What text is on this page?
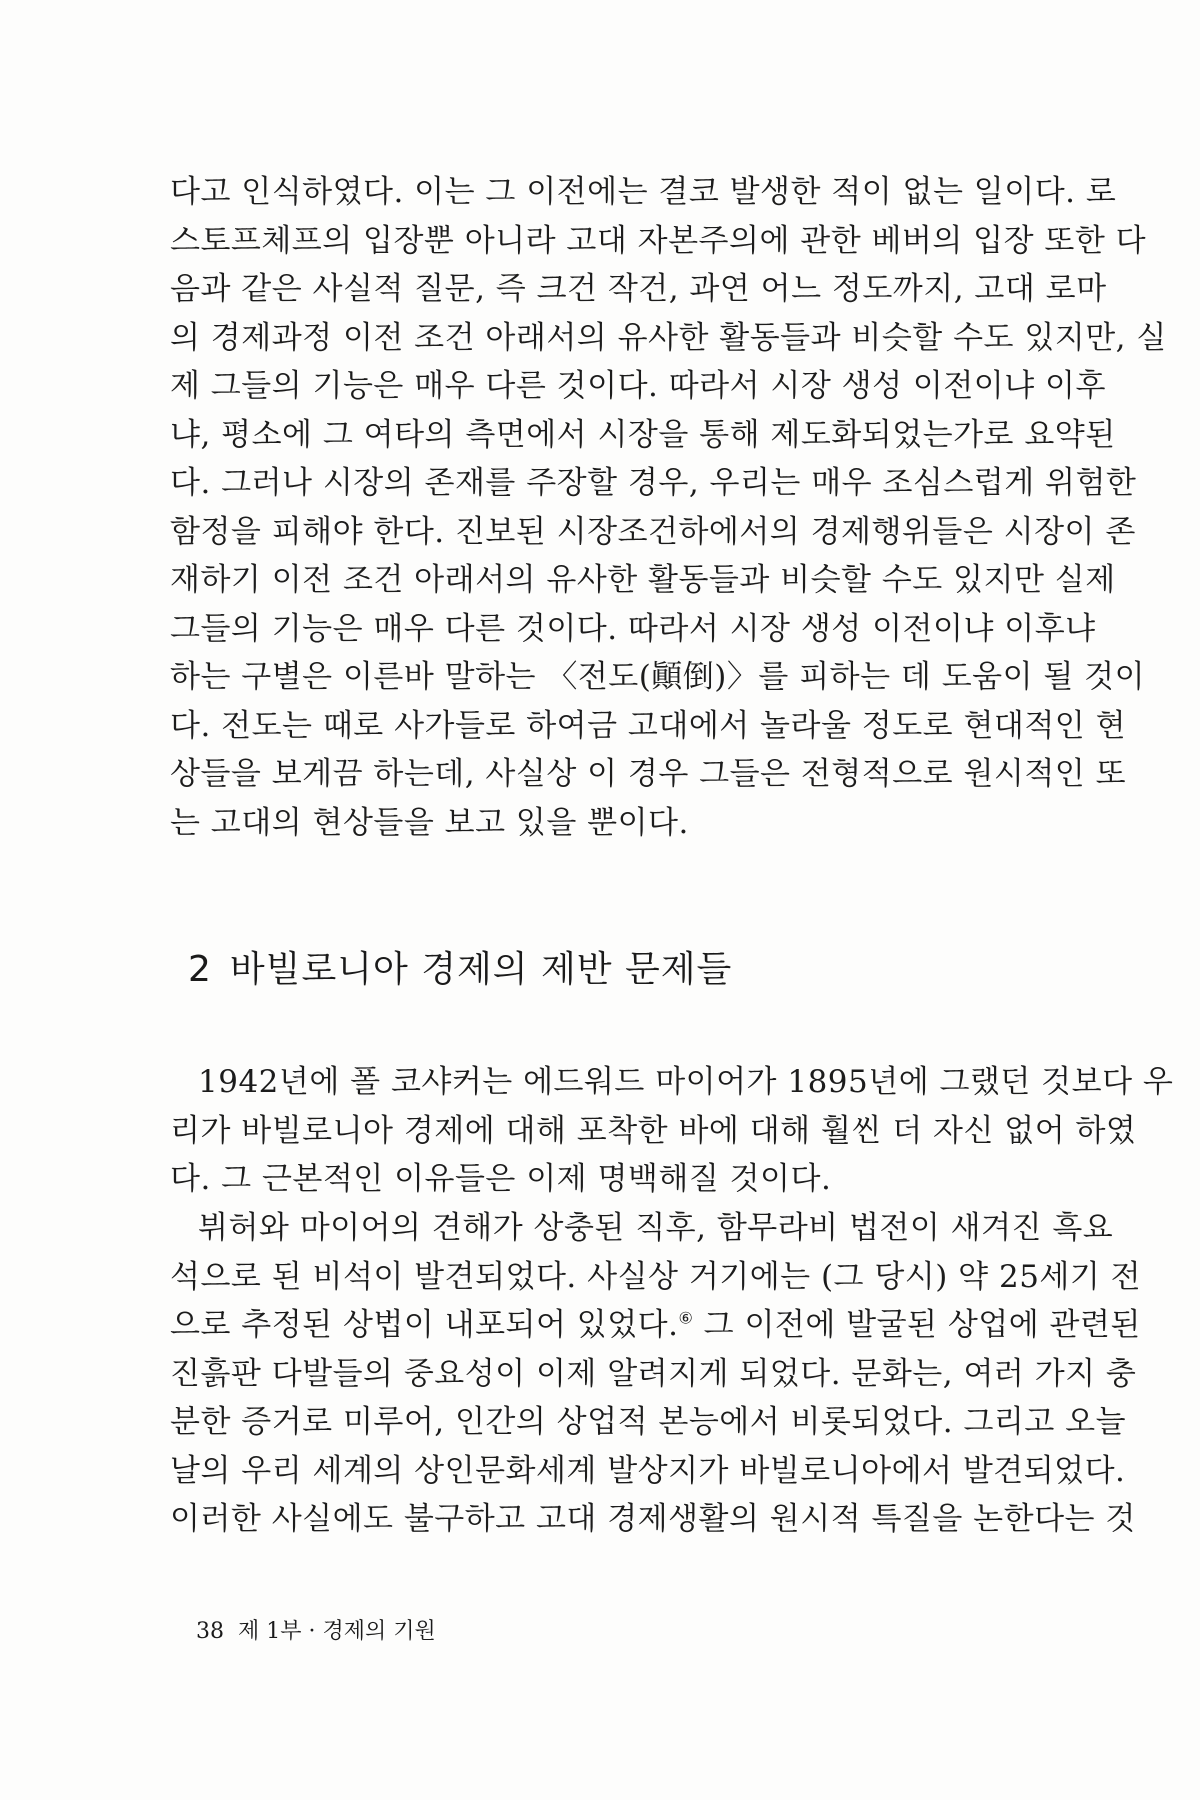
다고 인식하였다. 이는 그 이전에는 결코 발생한 적이 없는 일이다. 로
스토프체프의 입장뿐 아니라 고대 자본주의에 관한 베버의 입장 또한 다
음과 같은 사실적 질문, 즉 크건 작건, 과연 어느 정도까지, 고대 로마
의 경제과정 이전 조건 아래서의 유사한 활동들과 비슷할 수도 있지만, 실
제 그들의 기능은 매우 다른 것이다. 따라서 시장 생성 이전이냐 이후
냐, 평소에 그 여타의 측면에서 시장을 통해 제도화되었는가로 요약된
다. 그러나 시장의 존재를 주장할 경우, 우리는 매우 조심스럽게 위험한
함정을 피해야 한다. 진보된 시장조건하에서의 경제행위들은 시장이 존
재하기 이전 조건 아래서의 유사한 활동들과 비슷할 수도 있지만 실제
그들의 기능은 매우 다른 것이다. 따라서 시장 생성 이전이냐 이후냐
하는 구별은 이른바 말하는 〈전도(顚倒)〉를 피하는 데 도움이 될 것이
다. 전도는 때로 사가들로 하여금 고대에서 놀라울 정도로 현대적인 현
상들을 보게끔 하는데, 사실상 이 경우 그들은 전형적으로 원시적인 또
는 고대의 현상들을 보고 있을 뿐이다.

2 바빌로니아 경제의 제반 문제들

1942년에 폴 코샤커는 에드워드 마이어가 1895년에 그랬던 것보다 우
리가 바빌로니아 경제에 대해 포착한 바에 대해 훨씬 더 자신 없어 하였
다. 그 근본적인 이유들은 이제 명백해질 것이다.

뷔허와 마이어의 견해가 상충된 직후, 함무라비 법전이 새겨진 흑요
석으로 된 비석이 발견되었다. 사실상 거기에는 (그 당시) 약 25세기 전
으로 추정된 상법이 내포되어 있었다.⑥ 그 이전에 발굴된 상업에 관련된
진흙판 다발들의 중요성이 이제 알려지게 되었다. 문화는, 여러 가지 충
분한 증거로 미루어, 인간의 상업적 본능에서 비롯되었다. 그리고 오늘
날의 우리 세계의 상인문화세계 발상지가 바빌로니아에서 발견되었다.
이러한 사실에도 불구하고 고대 경제생활의 원시적 특질을 논한다는 것

38 제 1부 · 경제의 기원
